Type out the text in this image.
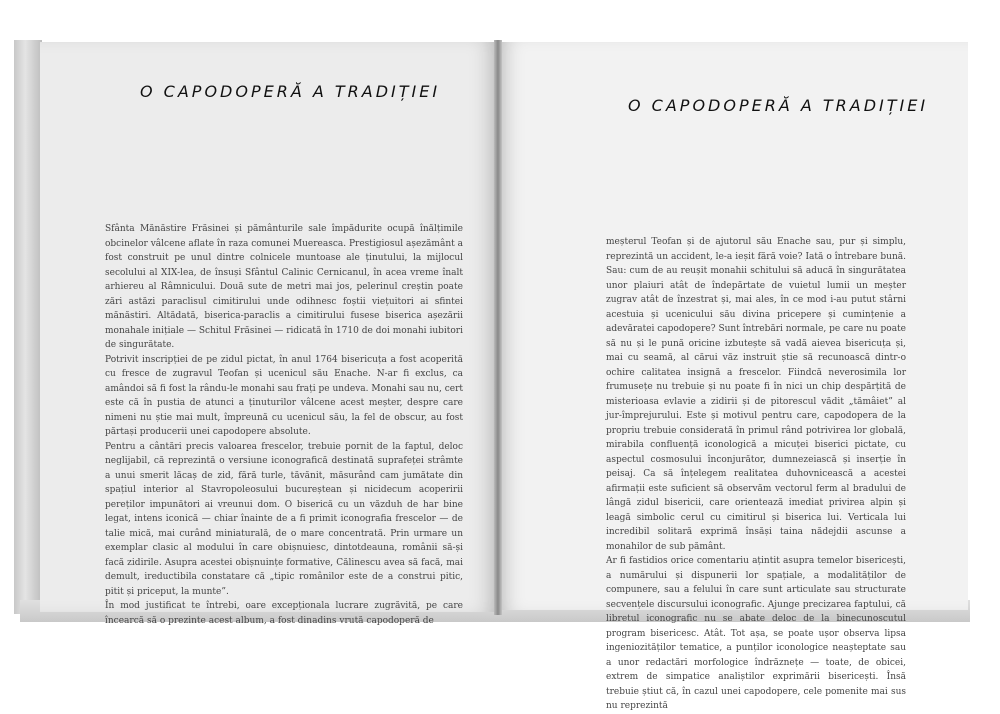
O CAPODOPERĂ A TRADIȚIEI

Sfânta Mănăstire Frăsinei și pământurile sale împădurite ocupă înălțimile obcinelor vâlcene aflate în raza comunei Muereasca. Prestigiosul așezământ a fost construit pe unul dintre colnicele muntoase ale ținutului, la mijlocul secolului al XIX-lea, de însuși Sfântul Calinic Cernicanul, în acea vreme înalt arhiereu al Râmnicului. Două sute de metri mai jos, pelerinul creștin poate zări astăzi paraclisul cimitirului unde odihnesc foștii viețuitori ai sfintei mănăstiri. Altădată, biserica-paraclis a cimitirului fusese biserica așezării monahale inițiale — Schitul Frăsinei — ridicată în 1710 de doi monahi iubitori de singurătate.

Potrivit inscripției de pe zidul pictat, în anul 1764 bisericuța a fost acoperită cu fresce de zugravul Teofan și ucenicul său Enache. N-ar fi exclus, ca amândoi să fi fost la rându-le monahi sau frați pe undeva. Monahi sau nu, cert este că în pustia de atunci a ținuturilor vâlcene acest meșter, despre care nimeni nu știe mai mult, împreună cu ucenicul său, la fel de obscur, au fost părtași producerii unei capodopere absolute.

Pentru a cântări precis valoarea frescelor, trebuie pornit de la faptul, deloc neglijabil, că reprezintă o versiune iconografică destinată suprafeței strâmte a unui smerit lăcaș de zid, fără turle, tăvănit, măsurând cam jumătate din spațiul interior al Stavropoleosului bucureștean și nicidecum acoperirii pereților impunători ai vreunui dom. O biserică cu un văzduh de har bine legat, intens iconică — chiar înainte de a fi primit iconografia frescelor — de talie mică, mai curând miniaturală, de o mare concentrată. Prin urmare un exemplar clasic al modului în care obișnuiesc, dintotdeauna, românii să-și facă zidirile. Asupra acestei obișnuințe formative, Călinescu avea să facă, mai demult, ireductibila constatare că „tipic românilor este de a construi pitic, pitit și priceput, la munte”.

În mod justificat te întrebi, oare excepționala lucrare zugrăvită, pe care încearcă să o prezinte acest album, a fost dinadins vrută capodoperă de

O CAPODOPERĂ A TRADIȚIEI

meșterul Teofan și de ajutorul său Enache sau, pur și simplu, reprezintă un accident, le-a ieșit fără voie? Iată o întrebare bună. Sau: cum de au reușit monahii schitului să aducă în singurătatea unor plaiuri atât de îndepărtate de vuietul lumii un meșter zugrav atât de înzestrat și, mai ales, în ce mod i-au putut stârni acestuia și ucenicului său divina pricepere și cumințenie a adevăratei capodopere? Sunt întrebări normale, pe care nu poate să nu și le pună oricine izbutește să vadă aievea bisericuța și, mai cu seamă, al cărui văz instruit știe să recunoască dintr-o ochire calitatea insignă a frescelor. Fiindcă neverosimila lor frumusețe nu trebuie și nu poate fi în nici un chip despărțită de misterioasa evlavie a zidirii și de pitorescul vădit „tămâiet” al jur-împrejurului. Este și motivul pentru care, capodopera de la propriu trebuie considerată în primul rând potrivirea lor globală, mirabila confluență iconologică a micuței biserici pictate, cu aspectul cosmosului înconjurător, dumnezeiască și inserție în peisaj. Ca să înțelegem realitatea duhovnicească a acestei afirmații este suficient să observăm vectorul ferm al bradului de lângă zidul bisericii, care orientează imediat privirea alpin și leagă simbolic cerul cu cimitirul și biserica lui. Verticala lui incredibil solitară exprimă însăși taina nădejdii ascunse a monahilor de sub pământ.

Ar fi fastidios orice comentariu ațintit asupra temelor bisericești, a numărului și dispunerii lor spațiale, a modalităților de compunere, sau a felului în care sunt articulate sau structurate secvențele discursului iconografic. Ajunge precizarea faptului, că libretul iconografic nu se abate deloc de la binecunoscutul program bisericesc. Atât. Tot așa, se poate ușor observa lipsa ingeniozităților tematice, a punților iconologice neașteptate sau a unor redactări morfologice îndrăznețe — toate, de obicei, extrem de simpatice analiștilor exprimării bisericești. Însă trebuie știut că, în cazul unei capodopere, cele pomenite mai sus nu reprezintă
